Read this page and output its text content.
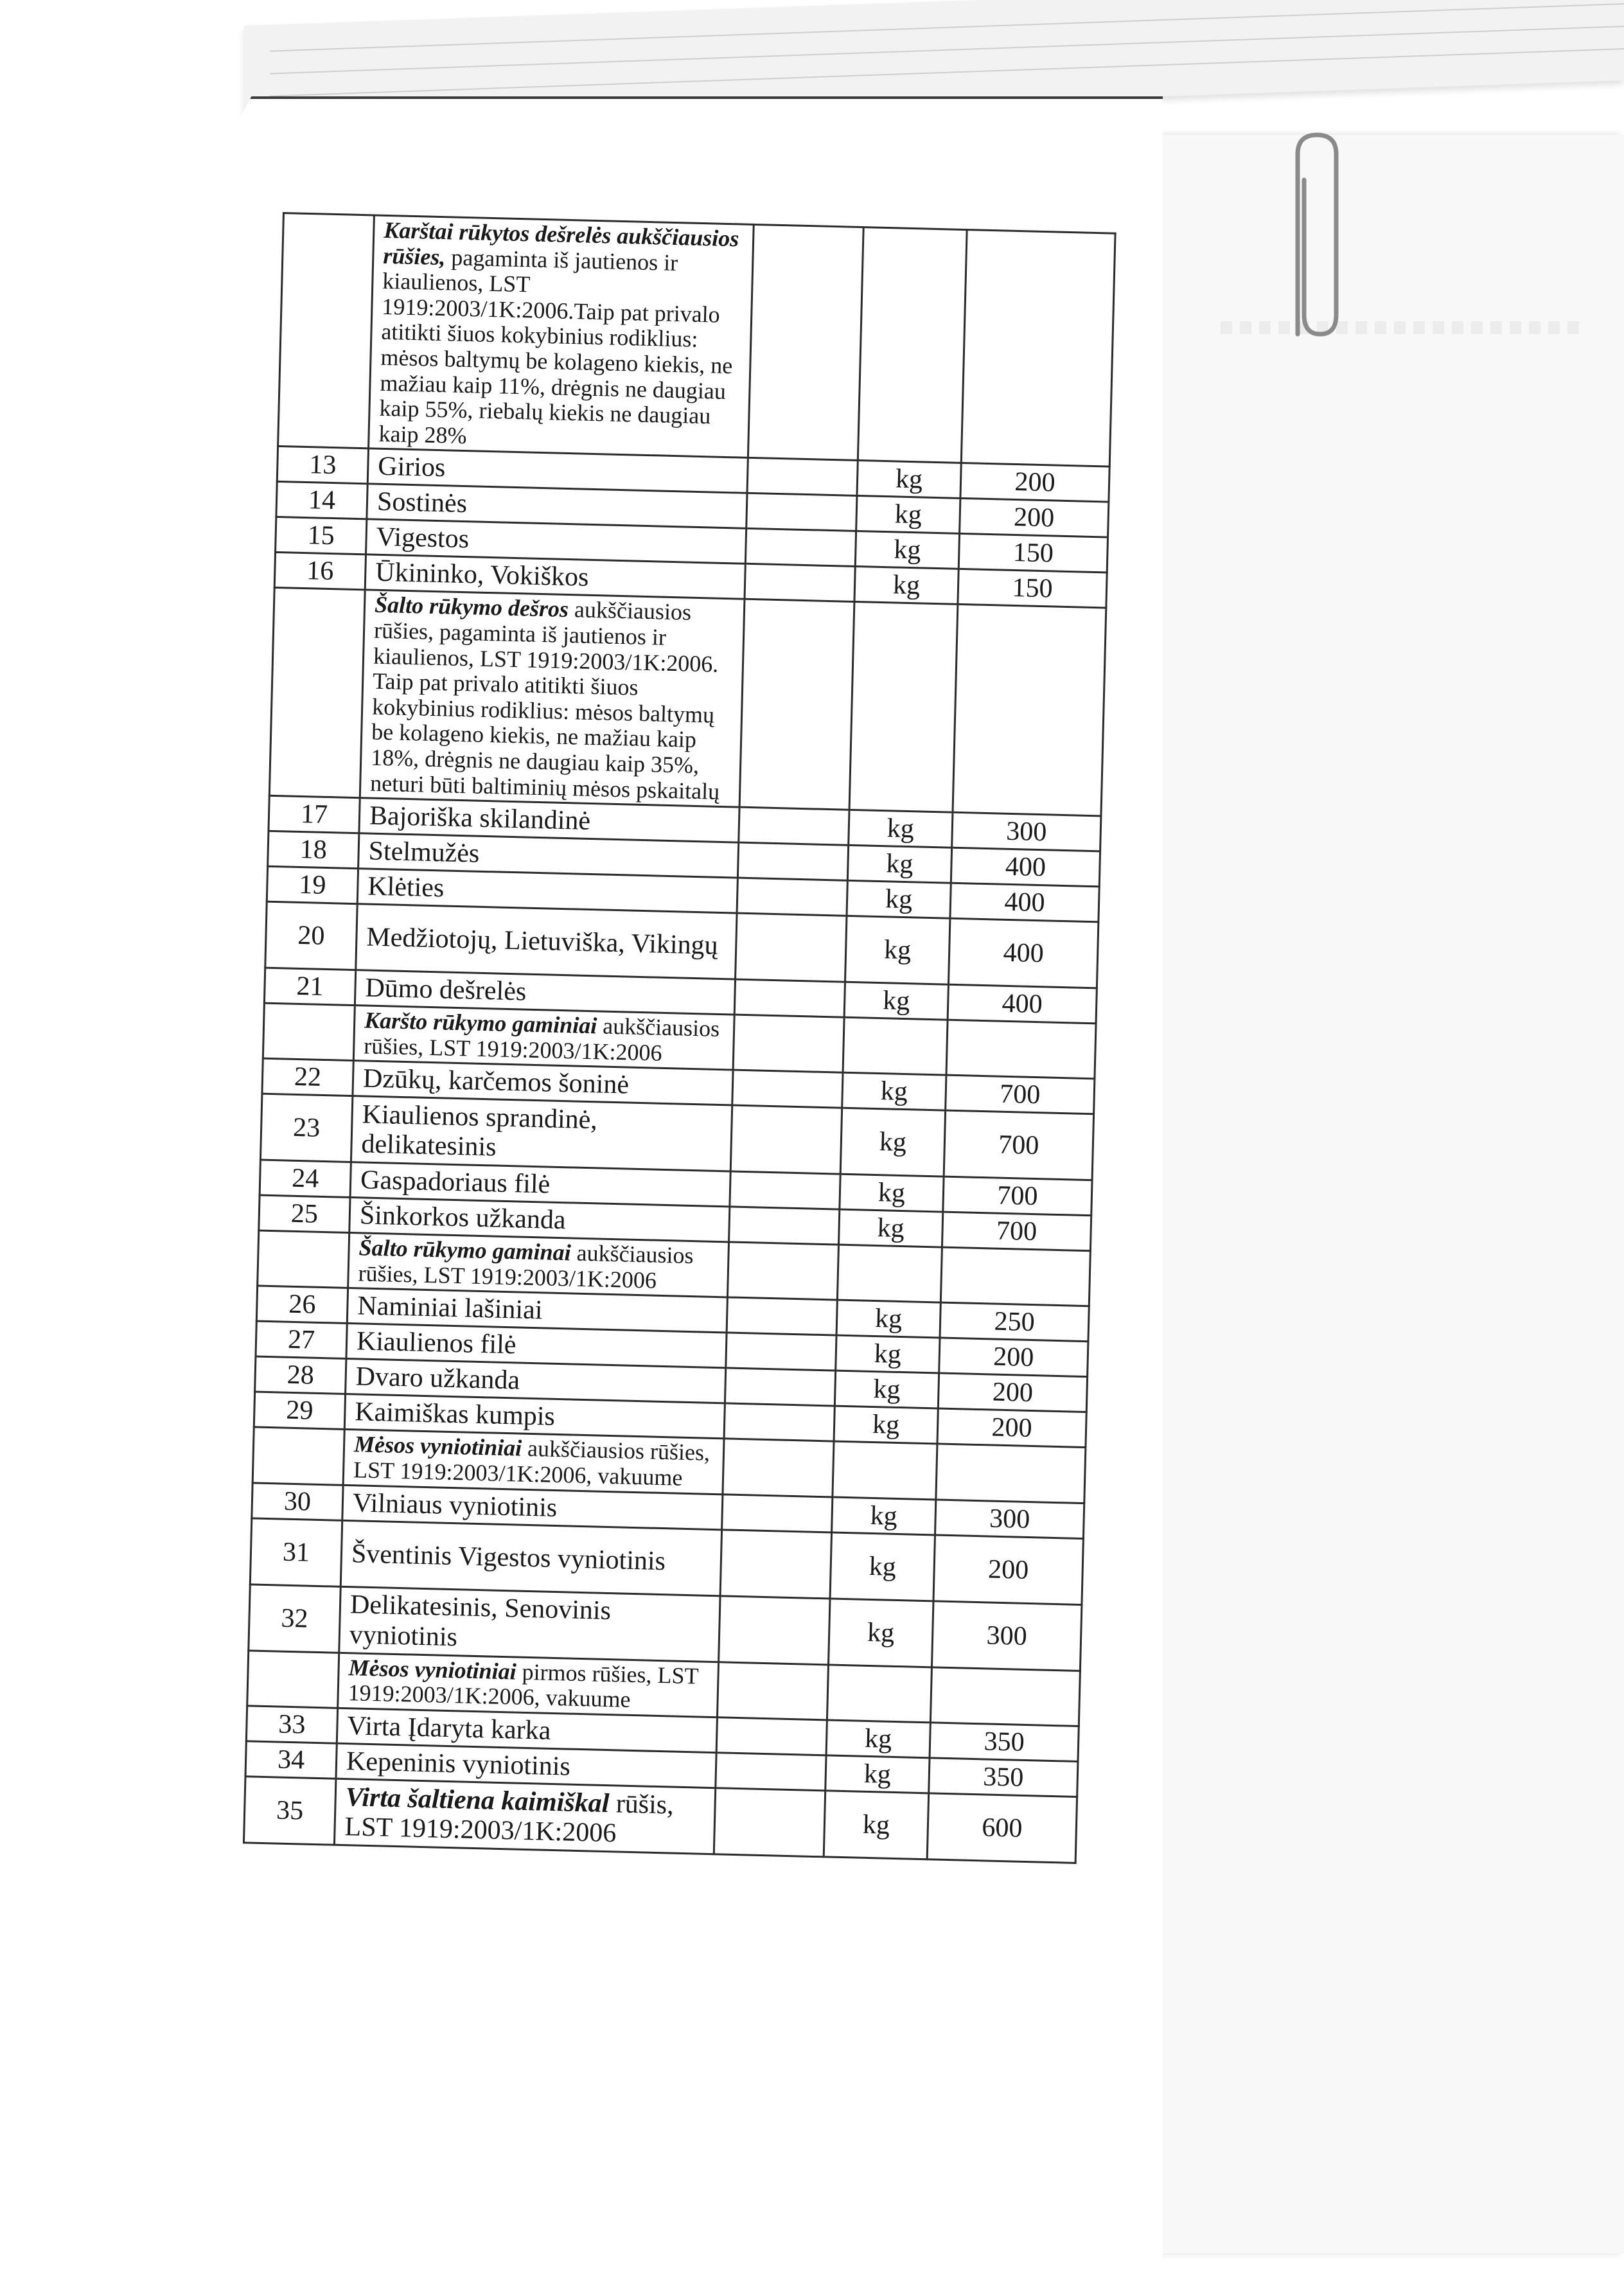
	Karštai rūkytos dešrelės aukščiausios rūšies, pagaminta iš jautienos ir kiaulienos, LST 1919:2003/1K:2006.Taip pat privalo atitikti šiuos kokybinius rodiklius: mėsos baltymų be kolageno kiekis, ne mažiau kaip 11%, drėgnis ne daugiau kaip 55%, riebalų kiekis ne daugiau kaip 28%			
13	Girios		kg	200
14	Sostinės		kg	200
15	Vigestos		kg	150
16	Ūkininko, Vokiškos		kg	150
	Šalto rūkymo dešros aukščiausios rūšies, pagaminta iš jautienos ir kiaulienos, LST 1919:2003/1K:2006. Taip pat privalo atitikti šiuos kokybinius rodiklius: mėsos baltymų be kolageno kiekis, ne mažiau kaip 18%, drėgnis ne daugiau kaip 35%, neturi būti baltiminių mėsos pskaitalų			
17	Bajoriška skilandinė		kg	300
18	Stelmužės		kg	400
19	Klėties		kg	400
20	Medžiotojų, Lietuviška, Vikingų		kg	400
21	Dūmo dešrelės		kg	400
	Karšto rūkymo gaminiai aukščiausios rūšies, LST 1919:2003/1K:2006			
22	Dzūkų, karčemos šoninė		kg	700
23	Kiaulienos sprandinė, delikatesinis		kg	700
24	Gaspadoriaus filė		kg	700
25	Šinkorkos užkanda		kg	700
	Šalto rūkymo gaminai aukščiausios rūšies, LST 1919:2003/1K:2006			
26	Naminiai lašiniai		kg	250
27	Kiaulienos filė		kg	200
28	Dvaro užkanda		kg	200
29	Kaimiškas kumpis		kg	200
	Mėsos vyniotiniai aukščiausios rūšies, LST 1919:2003/1K:2006, vakuume			
30	Vilniaus vyniotinis		kg	300
31	Šventinis Vigestos vyniotinis		kg	200
32	Delikatesinis, Senovinis vyniotinis		kg	300
	Mėsos vyniotiniai pirmos rūšies, LST 1919:2003/1K:2006, vakuume			
33	Virta Įdaryta karka		kg	350
34	Kepeninis vyniotinis		kg	350
35	Virta šaltiena kaimiškal rūšis, LST 1919:2003/1K:2006		kg	600
